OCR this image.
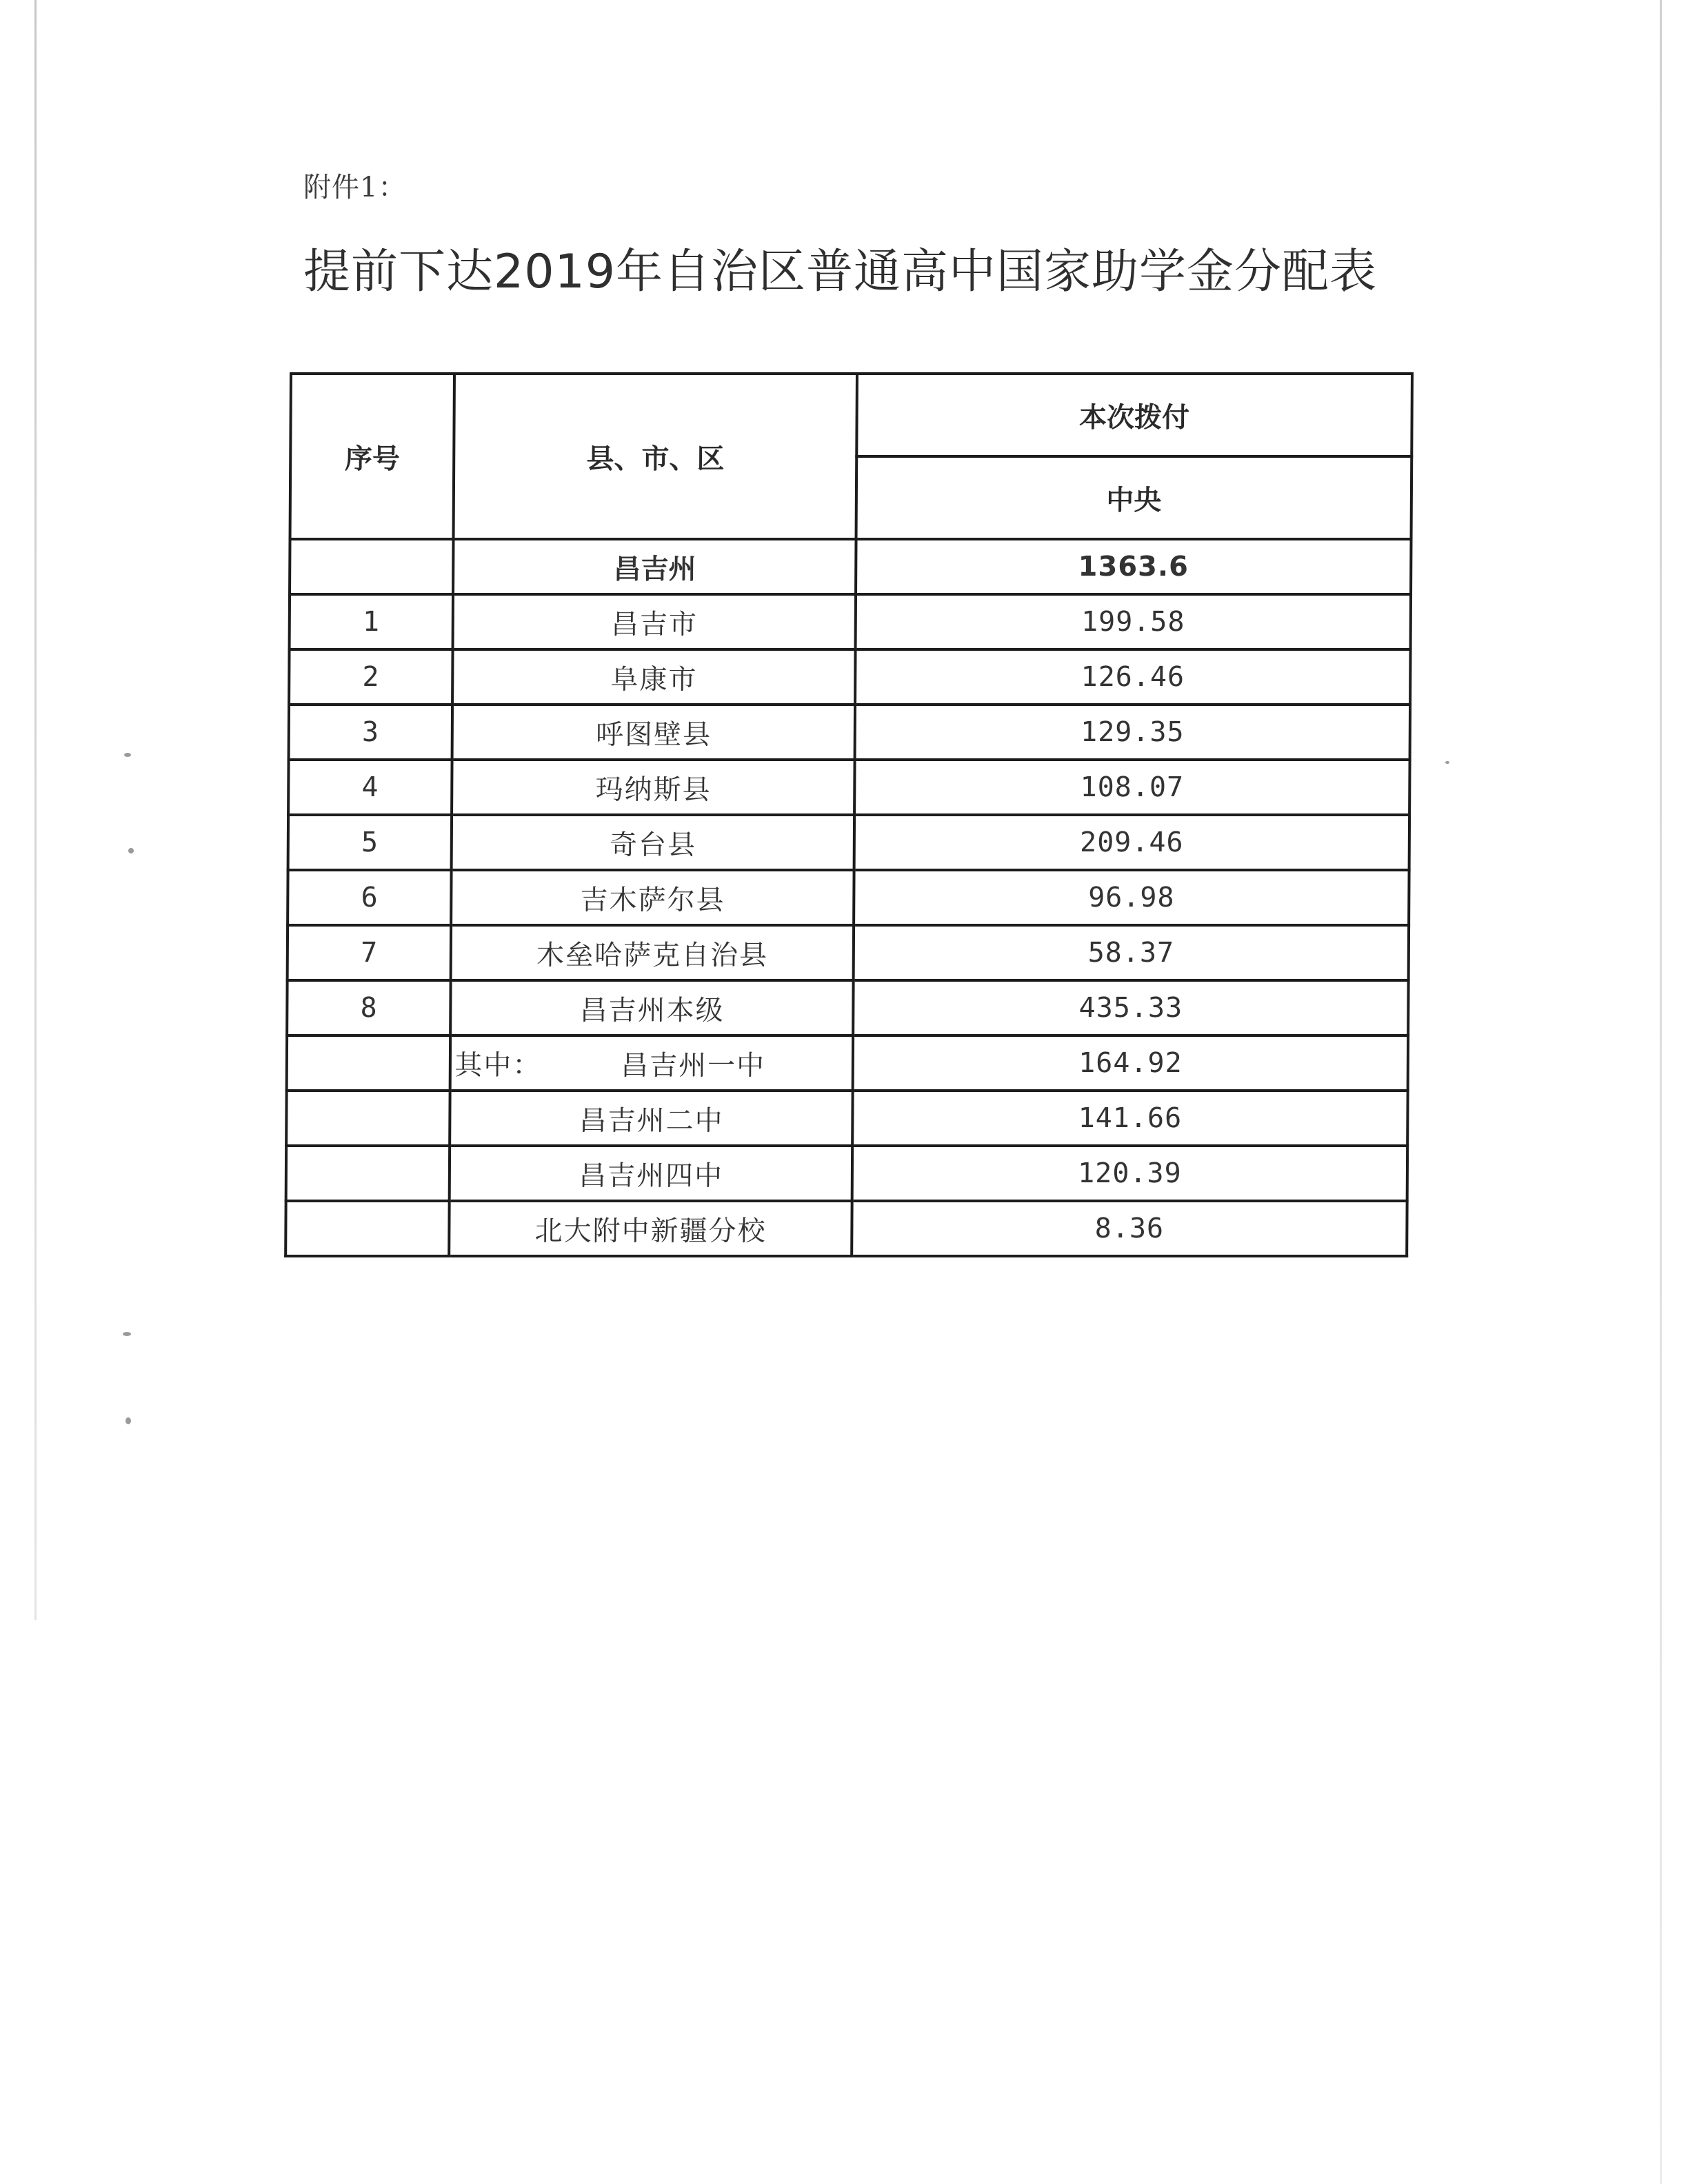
附件1：
提前下达2019年自治区普通高中国家助学金分配表
序号	县、市、区	本次拨付
		中央
	昌吉州	1363.6
1	昌吉市	199.58
2	阜康市	126.46
3	呼图壁县	129.35
4	玛纳斯县	108.07
5	奇台县	209.46
6	吉木萨尔县	96.98
7	木垒哈萨克自治县	58.37
8	昌吉州本级	435.33

	其中： 昌吉州一中	164.92
	昌吉州二中	141.66
	昌吉州四中	120.39
	北大附中新疆分校	8.36
